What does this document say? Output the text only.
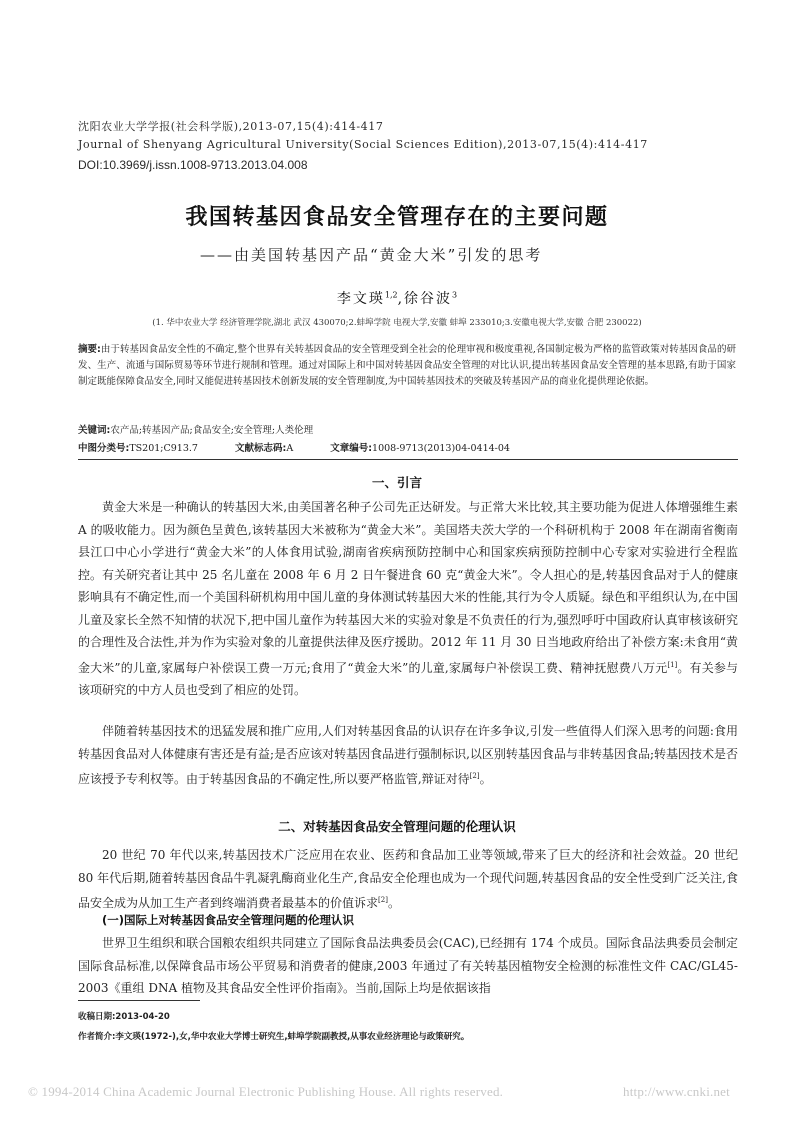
沈阳农业大学学报(社会科学版),2013-07,15(4):414-417
Journal of Shenyang Agricultural University(Social Sciences Edition),2013-07,15(4):414-417
DOI:10.3969/j.issn.1008-9713.2013.04.008
我国转基因食品安全管理存在的主要问题
——由美国转基因产品“黄金大米”引发的思考
李文瑛$^{1,2}$,徐谷波$^3$
(1. 华中农业大学 经济管理学院,湖北 武汉 430070;2.蚌埠学院 电视大学,安徽 蚌埠 233010;3.安徽电视大学,安徽 合肥 230022)
摘要:由于转基因食品安全性的不确定,整个世界有关转基因食品的安全管理受到全社会的伦理审视和极度重视,各国制定极为严格的监管政策对转基因食品的研发、生产、流通与国际贸易等环节进行规制和管理。通过对国际上和中国对转基因食品安全管理的对比认识,提出转基因食品安全管理的基本思路,有助于国家制定既能保障食品安全,同时又能促进转基因技术创新发展的安全管理制度,为中国转基因技术的突破及转基因产品的商业化提供理论依据。
关键词:农产品;转基因产品;食品安全;安全管理;人类伦理
中图分类号:TS201;C913.7	文献标志码:A	文章编号:1008-9713(2013)04-0414-04
一、引言
黄金大米是一种确认的转基因大米,由美国著名种子公司先正达研发。与正常大米比较,其主要功能为促进人体增强维生素 A 的吸收能力。因为颜色呈黄色,该转基因大米被称为“黄金大米”。美国塔夫茨大学的一个科研机构于 2008 年在湖南省衡南县江口中心小学进行“黄金大米”的人体食用试验,湖南省疾病预防控制中心和国家疾病预防控制中心专家对实验进行全程监控。有关研究者让其中 25 名儿童在 2008 年 6 月 2 日午餐进食 60 克“黄金大米”。令人担心的是,转基因食品对于人的健康影响具有不确定性,而一个美国科研机构用中国儿童的身体测试转基因大米的性能,其行为令人质疑。绿色和平组织认为,在中国儿童及家长全然不知情的状况下,把中国儿童作为转基因大米的实验对象是不负责任的行为,强烈呼吁中国政府认真审核该研究的合理性及合法性,并为作为实验对象的儿童提供法律及医疗援助。2012 年 11 月 30 日当地政府给出了补偿方案:未食用“黄金大米”的儿童,家属每户补偿误工费一万元;食用了“黄金大米”的儿童,家属每户补偿误工费、精神抚慰费八万元[1]。有关参与该项研究的中方人员也受到了相应的处罚。
伴随着转基因技术的迅猛发展和推广应用,人们对转基因食品的认识存在许多争议,引发一些值得人们深入思考的问题:食用转基因食品对人体健康有害还是有益;是否应该对转基因食品进行强制标识,以区别转基因食品与非转基因食品;转基因技术是否应该授予专利权等。由于转基因食品的不确定性,所以要严格监管,辩证对待[2]。
二、对转基因食品安全管理问题的伦理认识
20 世纪 70 年代以来,转基因技术广泛应用在农业、医药和食品加工业等领域,带来了巨大的经济和社会效益。20 世纪 80 年代后期,随着转基因食品牛乳凝乳酶商业化生产,食品安全伦理也成为一个现代问题,转基因食品的安全性受到广泛关注,食品安全成为从加工生产者到终端消费者最基本的价值诉求[2]。
(一)国际上对转基因食品安全管理问题的伦理认识
世界卫生组织和联合国粮农组织共同建立了国际食品法典委员会(CAC),已经拥有 174 个成员。国际食品法典委员会制定国际食品标准,以保障食品市场公平贸易和消费者的健康,2003 年通过了有关转基因植物安全检测的标准性文件 CAC/GL45-2003《重组 DNA 植物及其食品安全性评价指南》。当前,国际上均是依据该指
收稿日期:2013-04-20
作者简介:李文瑛(1972-),女,华中农业大学博士研究生,蚌埠学院副教授,从事农业经济理论与政策研究。
© 1994-2014 China Academic Journal Electronic Publishing House. All rights reserved.	http://www.cnki.net
